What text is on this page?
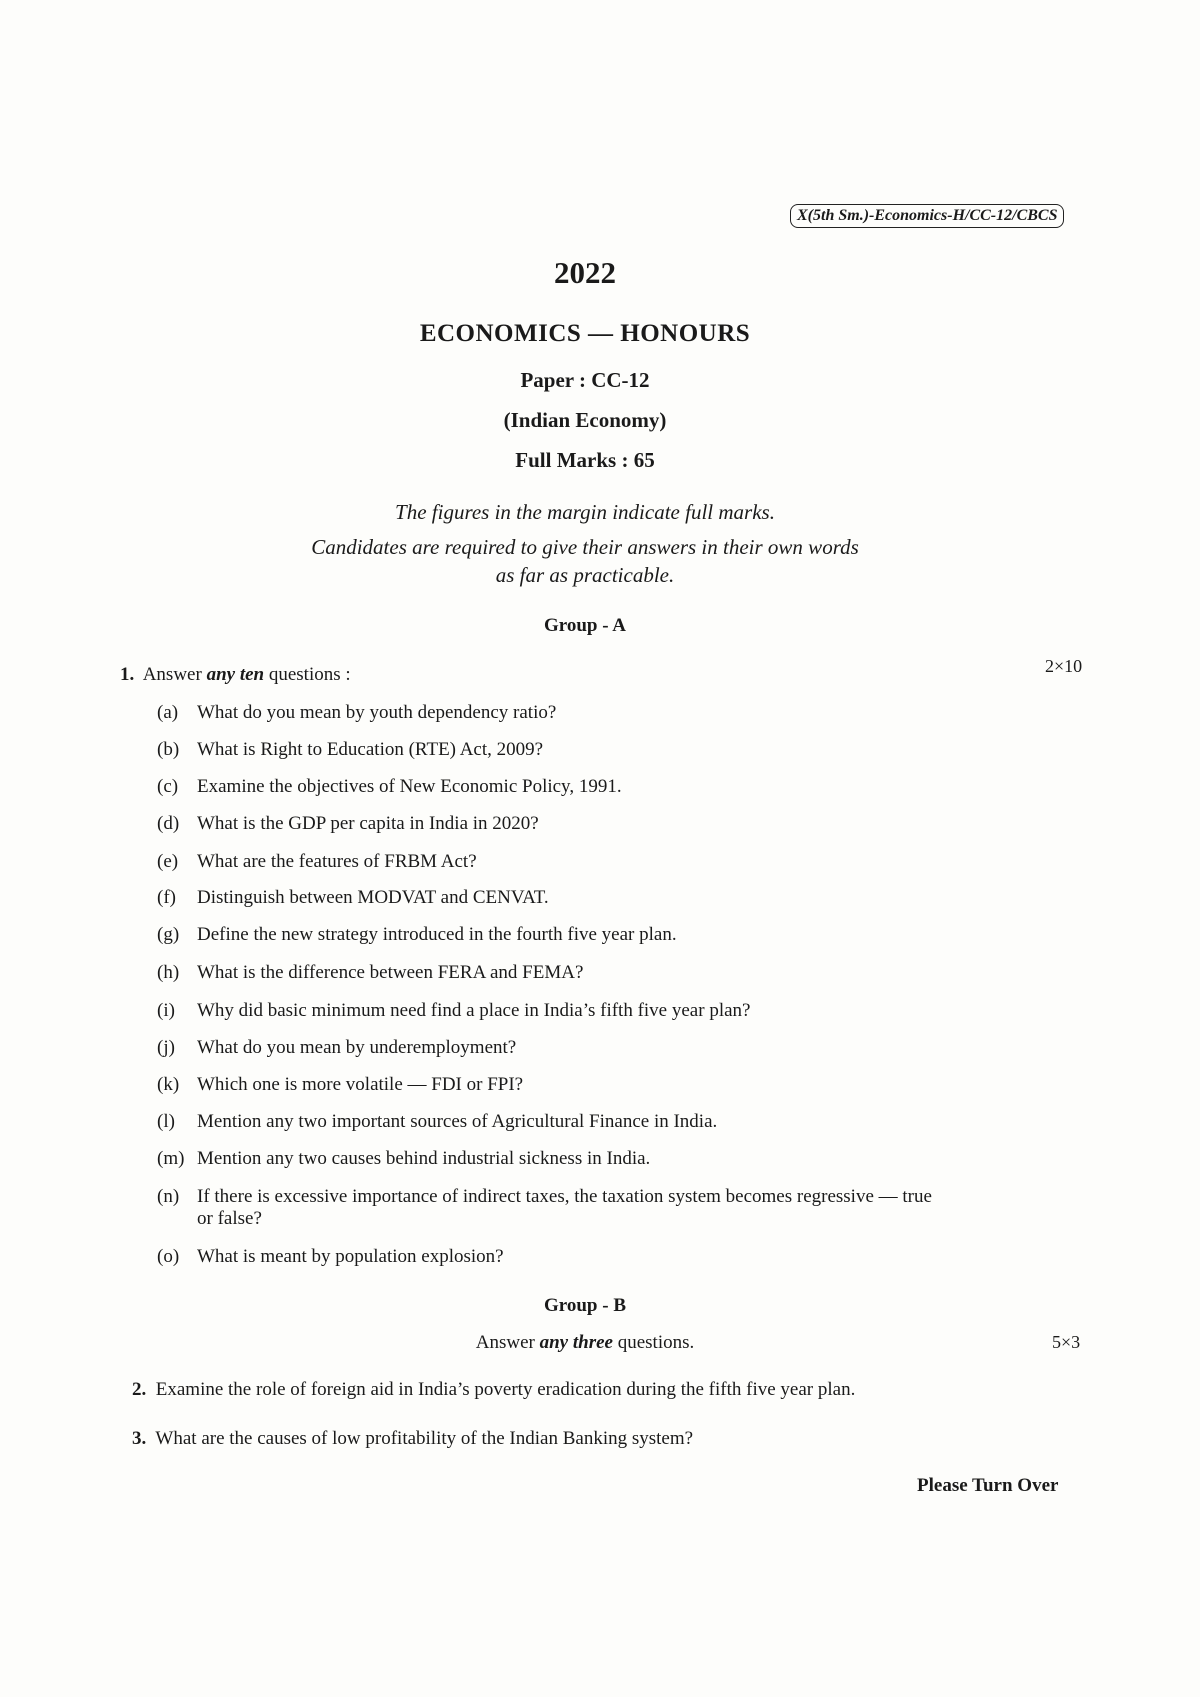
X(5th Sm.)-Economics-H/CC-12/CBCS
2022
ECONOMICS — HONOURS
Paper : CC-12
(Indian Economy)
Full Marks : 65
The figures in the margin indicate full marks.
Candidates are required to give their answers in their own words
as far as practicable.
Group - A
1. Answer any ten questions :	2×10
(a) What do you mean by youth dependency ratio?
(b) What is Right to Education (RTE) Act, 2009?
(c) Examine the objectives of New Economic Policy, 1991.
(d) What is the GDP per capita in India in 2020?
(e) What are the features of FRBM Act?
(f) Distinguish between MODVAT and CENVAT.
(g) Define the new strategy introduced in the fourth five year plan.
(h) What is the difference between FERA and FEMA?
(i) Why did basic minimum need find a place in India’s fifth five year plan?
(j) What do you mean by underemployment?
(k) Which one is more volatile — FDI or FPI?
(l) Mention any two important sources of Agricultural Finance in India.
(m) Mention any two causes behind industrial sickness in India.
(n) If there is excessive importance of indirect taxes, the taxation system becomes regressive — true
or false?
(o) What is meant by population explosion?
Group - B
Answer any three questions.	5×3
2. Examine the role of foreign aid in India’s poverty eradication during the fifth five year plan.
3. What are the causes of low profitability of the Indian Banking system?
Please Turn Over
